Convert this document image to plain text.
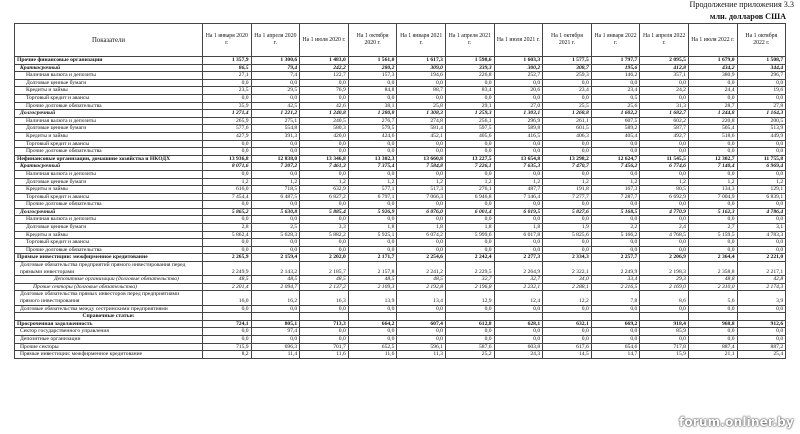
Продолжение приложения 3.3
млн. долларов США
Показатели	На 1 января 2020 г.	На 1 апреля 2020 г.	На 1 июля 2020 г.	На 1 октября 2020 г.	На 1 января 2021 г.	На 1 апреля 2021 г.	На 1 июля 2021 г.	На 1 октября 2021 г.	На 1 января 2022 г.	На 1 апреля 2022 г.	На 1 июля 2022 г.	На 1 октября 2022 г.
Прочие финансовые организации	1 357,9	1 300,6	1 483,0	1 561,0	1 617,3	1 598,6	1 603,3	1 577,5	1 797,7	2 095,5	1 679,0	1 508,7
Краткосрочный	86,5	79,4	242,2	280,2	309,0	339,3	300,2	308,7	195,6	412,8	434,2	344,4
Наличная валюта и депозиты	27,1	7,4	122,7	157,3	194,6	226,8	252,7	259,3	146,2	357,1	380,9	296,7
Долговые ценные бумаги	0,0	0,0	0,0	0,0	0,0	0,0	0,0	0,0	0,0	0,0	0,0	0,0
Кредиты и займы	23,5	29,5	76,9	84,8	88,7	83,4	20,6	23,4	23,4	24,2	24,4	19,6
Торговый кредит и авансы	0,0	0,0	0,0	0,0	0,0	0,0	0,0	0,0	0,5	0,0	0,0	0,0
Прочие долговые обязательства	35,9	42,5	42,6	38,1	25,8	29,1	27,0	25,5	25,6	31,3	28,7	27,8
Долгосрочный	1 271,4	1 221,2	1 240,8	1 280,8	1 308,3	1 259,3	1 303,1	1 268,8	1 602,2	1 682,7	1 244,8	1 164,3
Наличная валюта и депозиты	265,9	275,1	240,5	276,7	274,8	256,1	296,9	261,1	607,5	602,2	220,8	200,5
Долговые ценные бумаги	577,6	554,8	580,3	579,5	581,4	597,5	589,8	601,5	589,2	587,7	505,4	513,9
Кредиты и займы	427,9	391,3	420,0	424,6	452,1	405,6	416,5	406,3	405,4	492,7	518,6	449,9
Торговый кредит и авансы	0,0	0,0	0,0	0,0	0,0	0,0	0,0	0,0	0,0	0,0	0,0	0,0
Прочие долговые обязательства	0,0	0,0	0,0	0,0	0,0	0,0	0,0	0,0	0,0	0,0	0,0	0,0
Нефинансовые организации, домашние хозяйства и НКОДХ	13 936,8	12 838,0	13 346,8	13 302,3	13 660,8	13 227,5	13 654,8	13 298,2	12 624,7	11 545,5	12 302,7	11 755,8
Краткосрочный	8 071,6	7 207,2	7 461,3	7 375,4	7 584,8	7 226,1	7 635,3	7 470,7	7 456,2	6 774,6	7 140,4	6 969,4
Наличная валюта и депозиты	0,0	0,0	0,0	0,0	0,0	0,0	0,0	0,0	0,0	0,0	0,0	0,0
Долговые ценные бумаги	1,2	1,2	1,2	1,2	1,2	1,2	1,2	1,2	1,2	1,2	1,2	1,2
Кредиты и займы	616,0	718,5	632,9	577,1	517,3	276,1	487,7	191,8	167,3	80,5	134,3	129,1
Торговый кредит и авансы	7 454,4	6 487,5	6 827,2	6 797,1	7 066,3	6 946,8	7 146,4	7 277,7	7 287,7	6 692,9	7 004,9	6 839,1
Прочие долговые обязательства	0,0	0,0	0,0	0,0	0,0	0,0	0,0	0,0	0,0	0,0	0,0	0,0
Долгосрочный	5 865,2	5 630,8	5 885,4	5 926,9	6 076,0	6 001,4	6 019,5	5 827,6	5 168,5	4 770,9	5 162,3	4 786,4
Наличная валюта и депозиты	0,0	0,0	0,0	0,0	0,0	0,0	0,0	0,0	0,0	0,0	0,0	0,0
Долговые ценные бумаги	2,8	2,5	3,3	1,8	1,8	1,8	1,8	1,9	2,2	2,4	2,7	3,1
Кредиты и займы	5 862,4	5 628,3	5 882,2	5 925,1	6 074,2	5 999,6	6 017,8	5 825,6	5 166,2	4 768,5	5 159,5	4 783,3
Торговый кредит и авансы	0,0	0,0	0,0	0,0	0,0	0,0	0,0	0,0	0,0	0,0	0,0	0,0
Прочие долговые обязательства	0,0	0,0	0,0	0,0	0,0	0,0	0,0	0,0	0,0	0,0	0,0	0,0
Прямые инвестиции: межфирменное кредитование	2 265,9	2 159,4	2 202,0	2 171,7	2 254,6	2 242,4	2 277,3	2 334,3	2 257,7	2 206,9	2 364,4	2 221,0
Долговые обязательства предприятий прямого инвестирования перед прямыми инвесторами	2 249,9	2 143,2	2 185,7	2 157,8	2 241,2	2 229,5	2 264,9	2 322,1	2 249,9	2 198,3	2 358,8	2 217,1
Депозитные организации (долговые обязательства)	48,5	48,5	48,5	48,5	48,5	32,7	32,7	34,0	33,4	29,3	48,8	42,8
Прочие секторы (долговые обязательства)	2 201,4	2 094,7	2 137,2	2 109,3	2 192,8	2 196,8	2 232,1	2 288,1	2 216,5	2 169,0	2 310,0	2 174,3
Долговые обязательства прямых инвесторов перед предприятиями прямого инвестирования	16,0	16,2	16,3	13,9	13,4	12,9	12,4	12,2	7,8	8,6	5,6	3,9
Долговые обязательства между сестринскими предприятиями	0,0	0,0	0,0	0,0	0,0	0,0	0,0	0,0	0,0	0,0	0,0	0,0
Справочные статьи:												
Просроченная задолженность	724,1	805,1	713,3	664,2	607,4	612,8	628,1	632,1	669,2	918,4	968,8	912,6
Сектор государственного управления	0,0	97,4	0,0	0,0	0,0	0,0	0,0	0,0	0,0	85,9	0,0	0,0
Депозитные организации	0,0	0,0	0,0	0,0	0,0	0,0	0,0	0,0	0,0	0,0	0,0	0,0
Прочие секторы	715,9	696,3	701,7	652,5	596,1	587,6	603,8	617,6	654,6	717,8	887,4	887,2
Прямые инвестиции: межфирменное кредитование	8,2	11,4	11,6	11,6	11,3	25,2	24,3	14,5	14,7	15,9	21,1	25,4
forum.onliner.by
